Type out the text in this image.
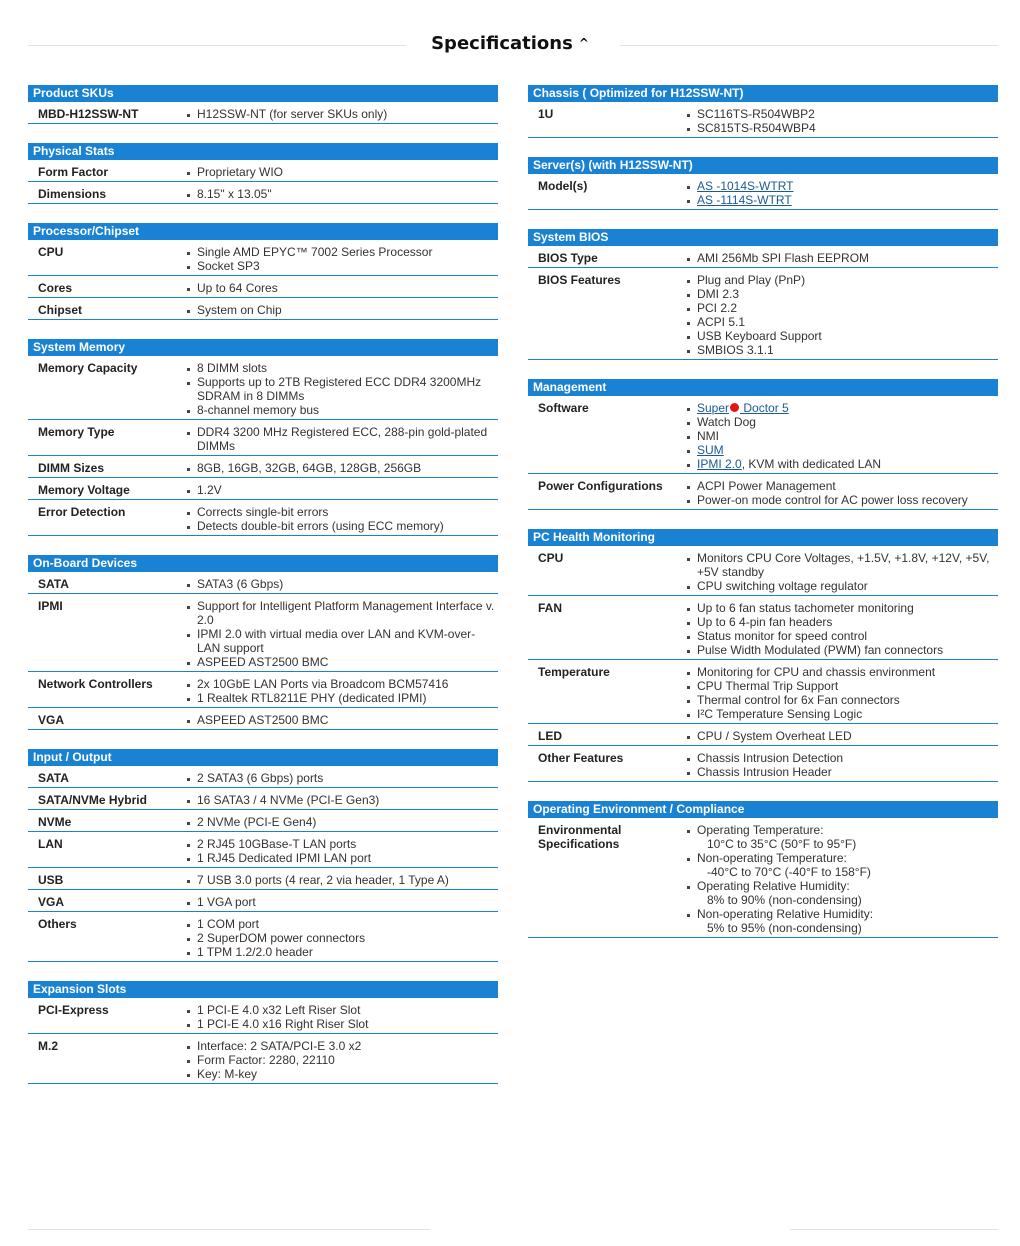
Specifications ^
Product SKUs
MBD-H12SSW-NT	H12SSW-NT (for server SKUs only)
Physical Stats
Form Factor	Proprietary WIO
Dimensions	8.15" x 13.05"
Processor/Chipset
CPU	Single AMD EPYC™ 7002 Series Processor
Socket SP3
Cores	Up to 64 Cores
Chipset	System on Chip
System Memory
Memory Capacity	8 DIMM slots
Supports up to 2TB Registered ECC DDR4 3200MHz SDRAM in 8 DIMMs
8-channel memory bus
Memory Type	DDR4 3200 MHz Registered ECC, 288-pin gold-plated DIMMs
DIMM Sizes	8GB, 16GB, 32GB, 64GB, 128GB, 256GB
Memory Voltage	1.2V
Error Detection	Corrects single-bit errors
Detects double-bit errors (using ECC memory)
On-Board Devices
SATA	SATA3 (6 Gbps)
IPMI	Support for Intelligent Platform Management Interface v. 2.0
IPMI 2.0 with virtual media over LAN and KVM-over-LAN support
ASPEED AST2500 BMC
Network Controllers	2x 10GbE LAN Ports via Broadcom BCM57416
1 Realtek RTL8211E PHY (dedicated IPMI)
VGA	ASPEED AST2500 BMC
Input / Output
SATA	2 SATA3 (6 Gbps) ports
SATA/NVMe Hybrid	16 SATA3 / 4 NVMe (PCI-E Gen3)
NVMe	2 NVMe (PCI-E Gen4)
LAN	2 RJ45 10GBase-T LAN ports
1 RJ45 Dedicated IPMI LAN port
USB	7 USB 3.0 ports (4 rear, 2 via header, 1 Type A)
VGA	1 VGA port
Others	1 COM port
2 SuperDOM power connectors
1 TPM 1.2/2.0 header
Expansion Slots
PCI-Express	1 PCI-E 4.0 x32 Left Riser Slot
1 PCI-E 4.0 x16 Right Riser Slot
M.2	Interface: 2 SATA/PCI-E 3.0 x2
Form Factor: 2280, 22110
Key: M-key
Chassis ( Optimized for H12SSW-NT)
1U	SC116TS-R504WBP2
SC815TS-R504WBP4
Server(s) (with H12SSW-NT)
Model(s)	AS -1014S-WTRT
AS -1114S-WTRT
System BIOS
BIOS Type	AMI 256Mb SPI Flash EEPROM
BIOS Features	Plug and Play (PnP)
DMI 2.3
PCI 2.2
ACPI 5.1
USB Keyboard Support
SMBIOS 3.1.1
Management
Software	Super Doctor 5
Watch Dog
NMI
SUM
IPMI 2.0, KVM with dedicated LAN
Power Configurations	ACPI Power Management
Power-on mode control for AC power loss recovery
PC Health Monitoring
CPU	Monitors CPU Core Voltages, +1.5V, +1.8V, +12V, +5V, +5V standby
CPU switching voltage regulator
FAN	Up to 6 fan status tachometer monitoring
Up to 6 4-pin fan headers
Status monitor for speed control
Pulse Width Modulated (PWM) fan connectors
Temperature	Monitoring for CPU and chassis environment
CPU Thermal Trip Support
Thermal control for 6x Fan connectors
I²C Temperature Sensing Logic
LED	CPU / System Overheat LED
Other Features	Chassis Intrusion Detection
Chassis Intrusion Header
Operating Environment / Compliance
Environmental Specifications
Operating Temperature:
10°C to 35°C (50°F to 95°F)
Non-operating Temperature:
-40°C to 70°C (-40°F to 158°F)
Operating Relative Humidity:
8% to 90% (non-condensing)
Non-operating Relative Humidity:
5% to 95% (non-condensing)
